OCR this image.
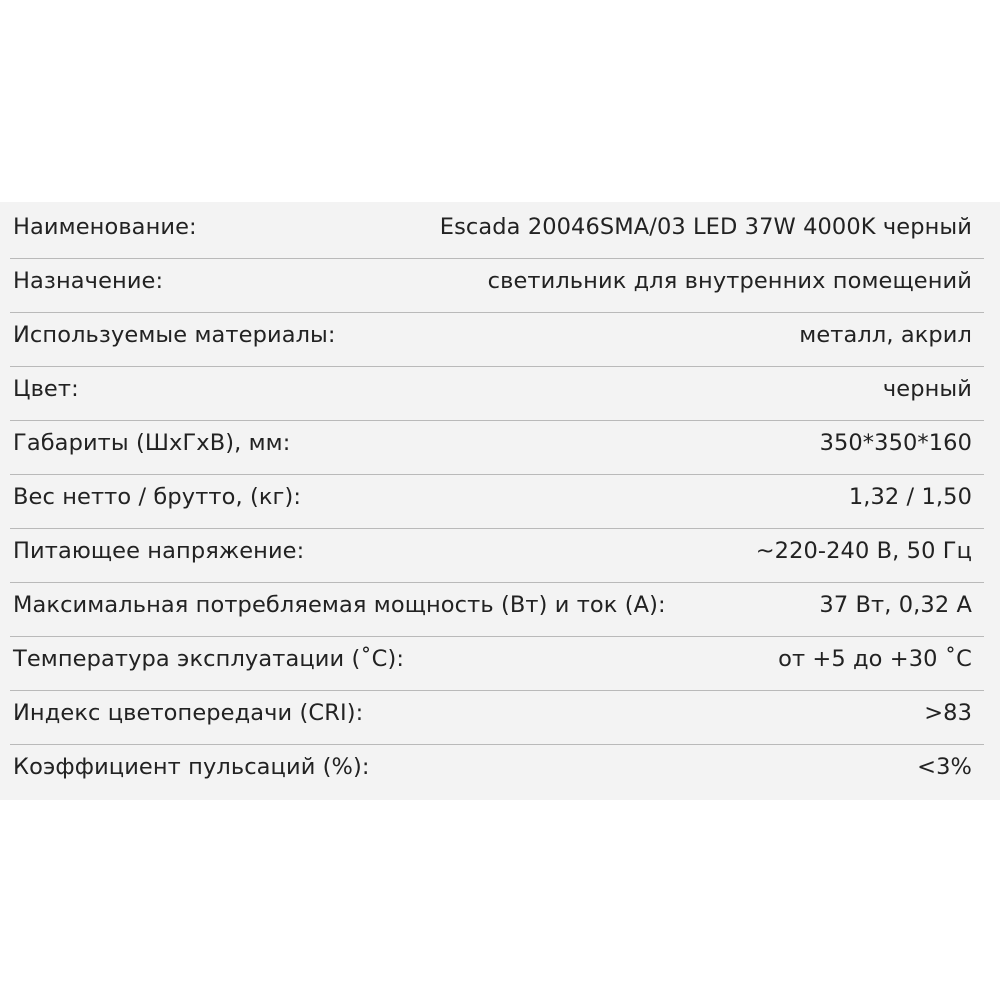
Наименование:	Escada 20046SMA/03 LED 37W 4000K черный
Назначение:	светильник для внутренних помещений
Используемые материалы:	металл, акрил
Цвет:	черный
Габариты (ШхГхВ), мм:	350*350*160
Вес нетто / брутто, (кг):	1,32 / 1,50
Питающее напряжение:	~220-240 В, 50 Гц
Максимальная потребляемая мощность (Вт) и ток (А):	37 Вт, 0,32 А
Температура эксплуатации (˚С):	от +5 до +30 ˚С
Индекс цветопередачи (CRI):	>83
Коэффициент пульсаций (%):	<3%
